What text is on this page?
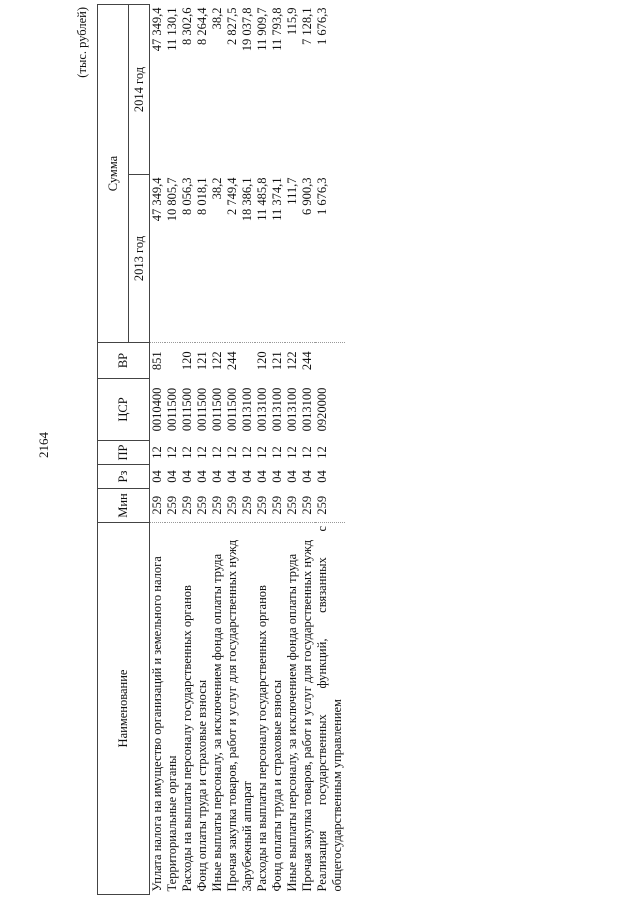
2164
(тыс. рублей)
Наименование	Мин	Рз	ПР	ЦСР	ВР	Сумма	
						2013 год	2014 год
Уплата налога на имущество организаций и земельного налога	259	04	12	0010400	851	47 349,4	47 349,4
Территориальные органы	259	04	12	0011500		10 805,7	11 130,1
Расходы на выплаты персоналу государственных органов	259	04	12	0011500	120	8 056,3	8 302,6
Фонд оплаты труда и страховые взносы	259	04	12	0011500	121	8 018,1	8 264,4
Иные выплаты персоналу, за исключением фонда оплаты труда	259	04	12	0011500	122	38,2	38,2
Прочая закупка товаров, работ и услуг для государственных нужд	259	04	12	0011500	244	2 749,4	2 827,5
Зарубежный аппарат	259	04	12	0013100		18 386,1	19 037,8
Расходы на выплаты персоналу государственных органов	259	04	12	0013100	120	11 485,8	11 909,7
Фонд оплаты труда и страховые взносы	259	04	12	0013100	121	11 374,1	11 793,8
Иные выплаты персоналу, за исключением фонда оплаты труда	259	04	12	0013100	122	111,7	115,9
Прочая закупка товаров, работ и услуг для государственных нужд	259	04	12	0013100	244	6 900,3	7 128,1
Реализация государственных функций, связанных с общегосударственным управлением	259	04	12	0920000		1 676,3	1 676,3
